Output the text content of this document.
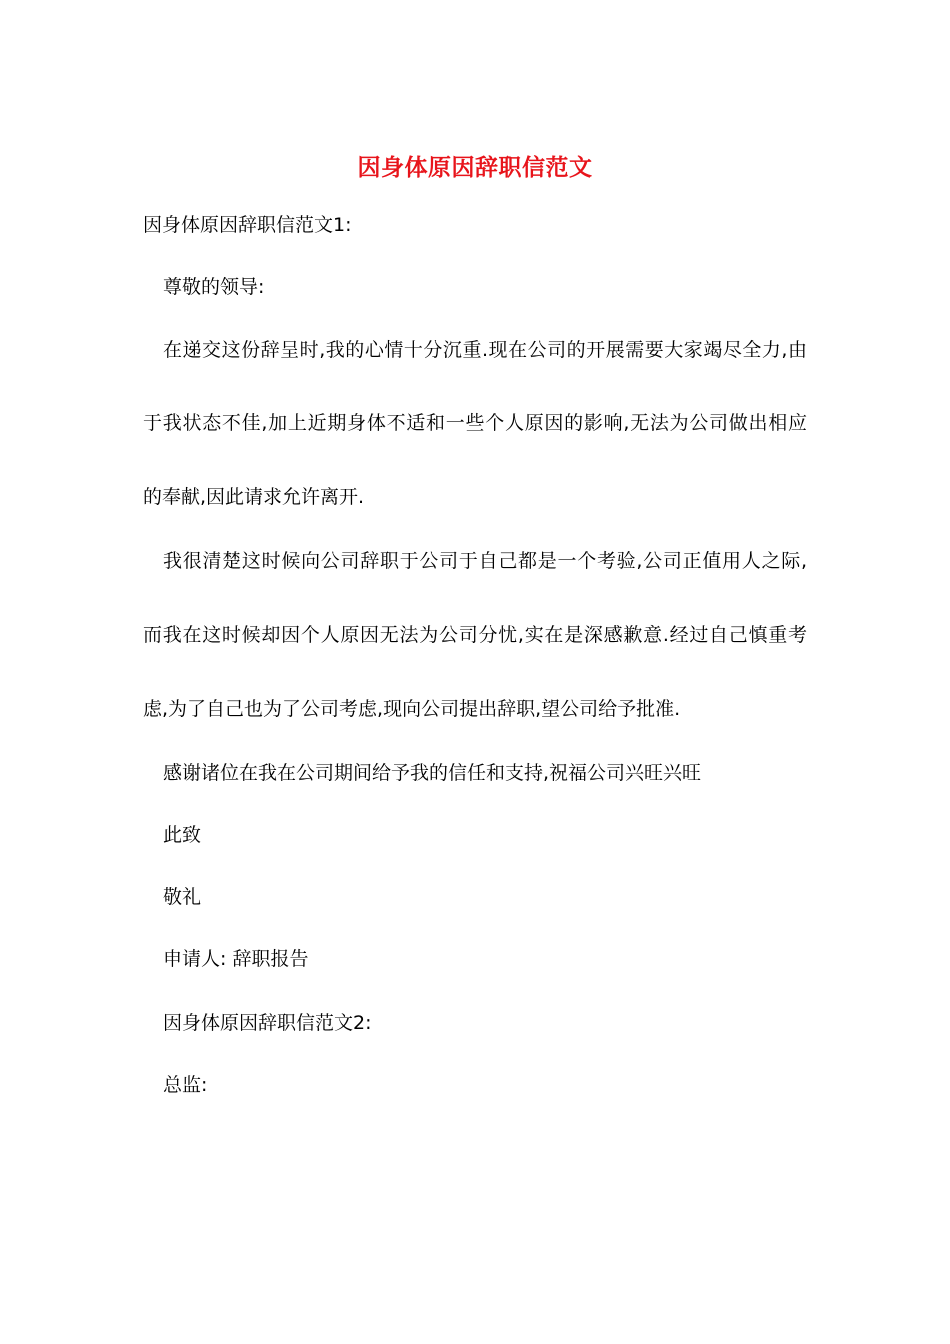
因身体原因辞职信范文
因身体原因辞职信范文1:
尊敬的领导:
在递交这份辞呈时,我的心情十分沉重.现在公司的开展需要大家竭尽全力,由
于我状态不佳,加上近期身体不适和一些个人原因的影响,无法为公司做出相应
的奉献,因此请求允许离开.
我很清楚这时候向公司辞职于公司于自己都是一个考验,公司正值用人之际,
而我在这时候却因个人原因无法为公司分忧,实在是深感歉意.经过自己慎重考
虑,为了自己也为了公司考虑,现向公司提出辞职,望公司给予批准.
感谢诸位在我在公司期间给予我的信任和支持,祝福公司兴旺兴旺
此致
敬礼
申请人: 辞职报告
因身体原因辞职信范文2:
总监:
